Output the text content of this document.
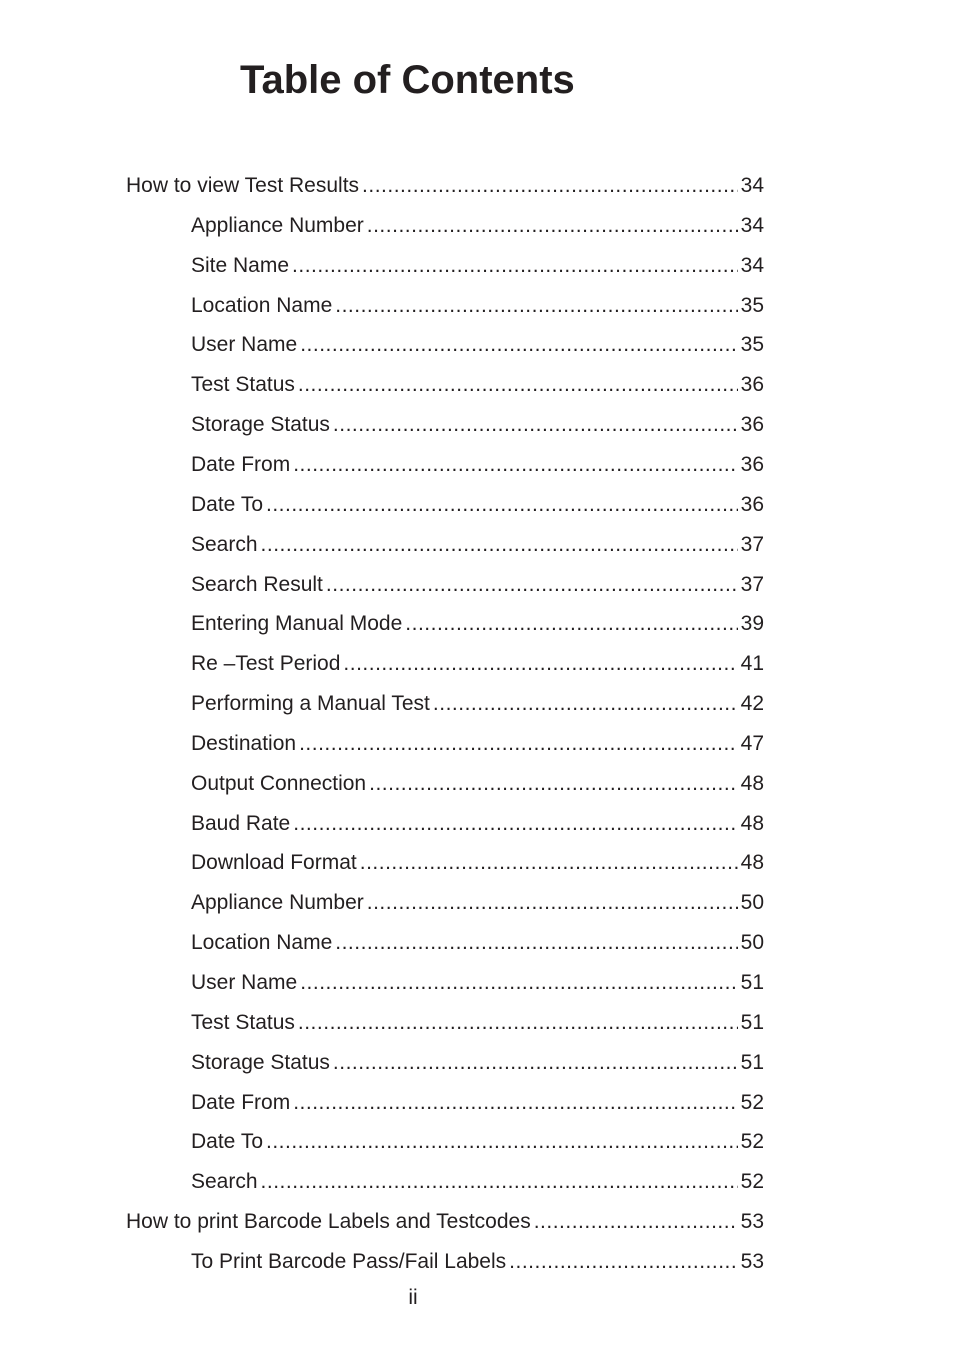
Table of Contents
How to view Test Results .....	34
Appliance Number .....	34
Site Name .....	34
Location Name .....	35
User Name .....	35
Test Status .....	36
Storage Status .....	36
Date From .....	36
Date To .....	36
Search .....	37
Search Result .....	37
Entering Manual Mode .....	39
Re –Test Period .....	41
Performing a Manual Test .....	42
Destination .....	47
Output Connection .....	48
Baud Rate .....	48
Download Format .....	48
Appliance Number .....	50
Location Name .....	50
User Name .....	51
Test Status .....	51
Storage Status .....	51
Date From .....	52
Date To .....	52
Search .....	52
How to print Barcode Labels and Testcodes .....	53
To Print Barcode Pass/Fail Labels .....	53
ii
